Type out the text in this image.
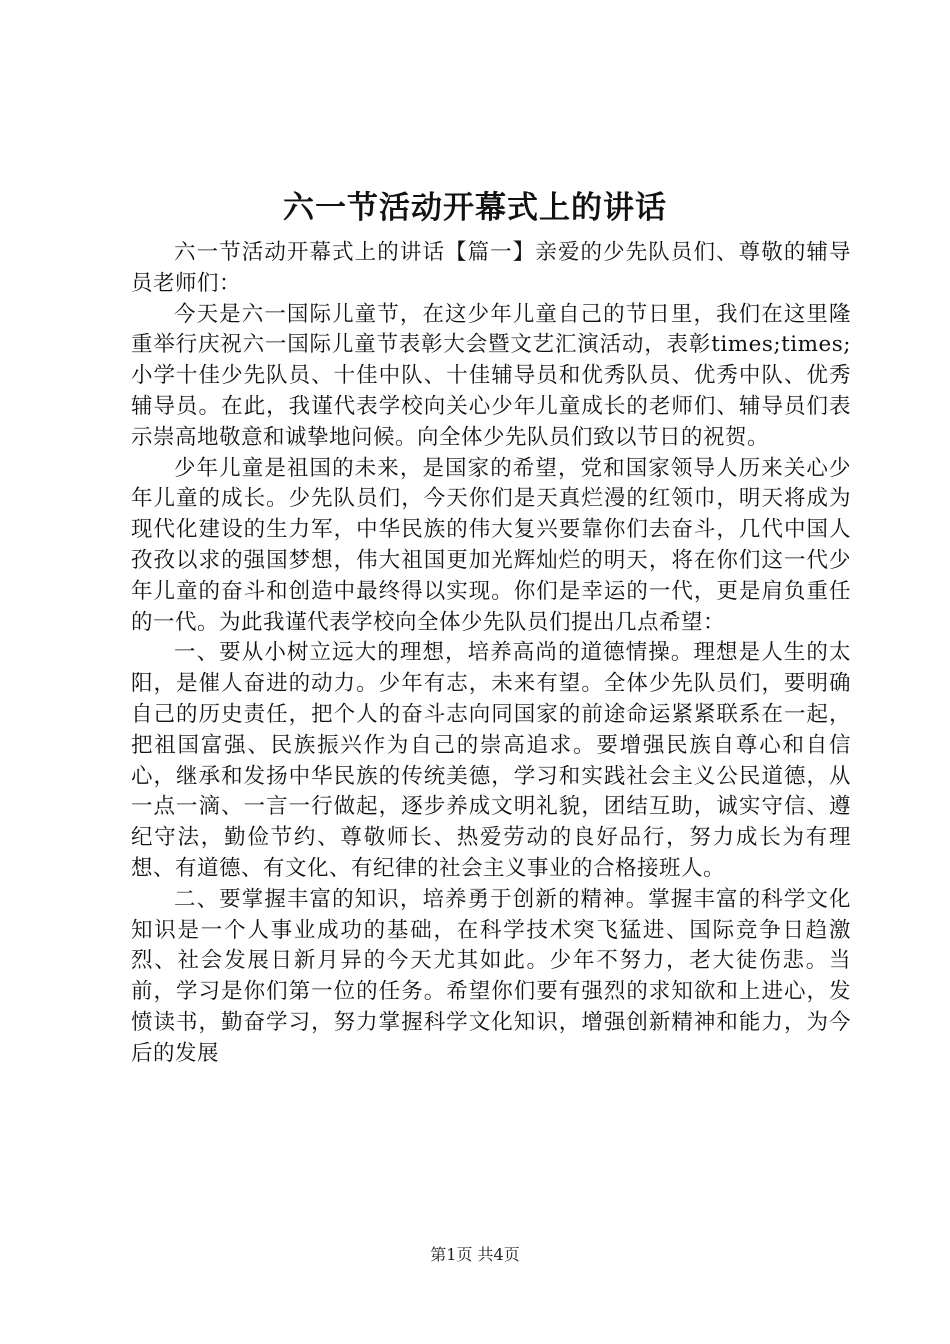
六一节活动开幕式上的讲话

六一节活动开幕式上的讲话【篇一】亲爱的少先队员们、尊敬的辅导员老师们：

今天是六一国际儿童节，在这少年儿童自己的节日里，我们在这里隆重举行庆祝六一国际儿童节表彰大会暨文艺汇演活动，表彰times;times;小学十佳少先队员、十佳中队、十佳辅导员和优秀队员、优秀中队、优秀辅导员。在此，我谨代表学校向关心少年儿童成长的老师们、辅导员们表示崇高地敬意和诚挚地问候。向全体少先队员们致以节日的祝贺。

少年儿童是祖国的未来，是国家的希望，党和国家领导人历来关心少年儿童的成长。少先队员们，今天你们是天真烂漫的红领巾，明天将成为现代化建设的生力军，中华民族的伟大复兴要靠你们去奋斗，几代中国人孜孜以求的强国梦想，伟大祖国更加光辉灿烂的明天，将在你们这一代少年儿童的奋斗和创造中最终得以实现。你们是幸运的一代，更是肩负重任的一代。为此我谨代表学校向全体少先队员们提出几点希望：

一、要从小树立远大的理想，培养高尚的道德情操。理想是人生的太阳，是催人奋进的动力。少年有志，未来有望。全体少先队员们，要明确自己的历史责任，把个人的奋斗志向同国家的前途命运紧紧联系在一起，把祖国富强、民族振兴作为自己的崇高追求。要增强民族自尊心和自信心，继承和发扬中华民族的传统美德，学习和实践社会主义公民道德，从一点一滴、一言一行做起，逐步养成文明礼貌，团结互助，诚实守信、遵纪守法，勤俭节约、尊敬师长、热爱劳动的良好品行，努力成长为有理想、有道德、有文化、有纪律的社会主义事业的合格接班人。

二、要掌握丰富的知识，培养勇于创新的精神。掌握丰富的科学文化知识是一个人事业成功的基础，在科学技术突飞猛进、国际竞争日趋激烈、社会发展日新月异的今天尤其如此。少年不努力，老大徒伤悲。当前，学习是你们第一位的任务。希望你们要有强烈的求知欲和上进心，发愤读书，勤奋学习，努力掌握科学文化知识，增强创新精神和能力，为今后的发展

第1页 共4页
